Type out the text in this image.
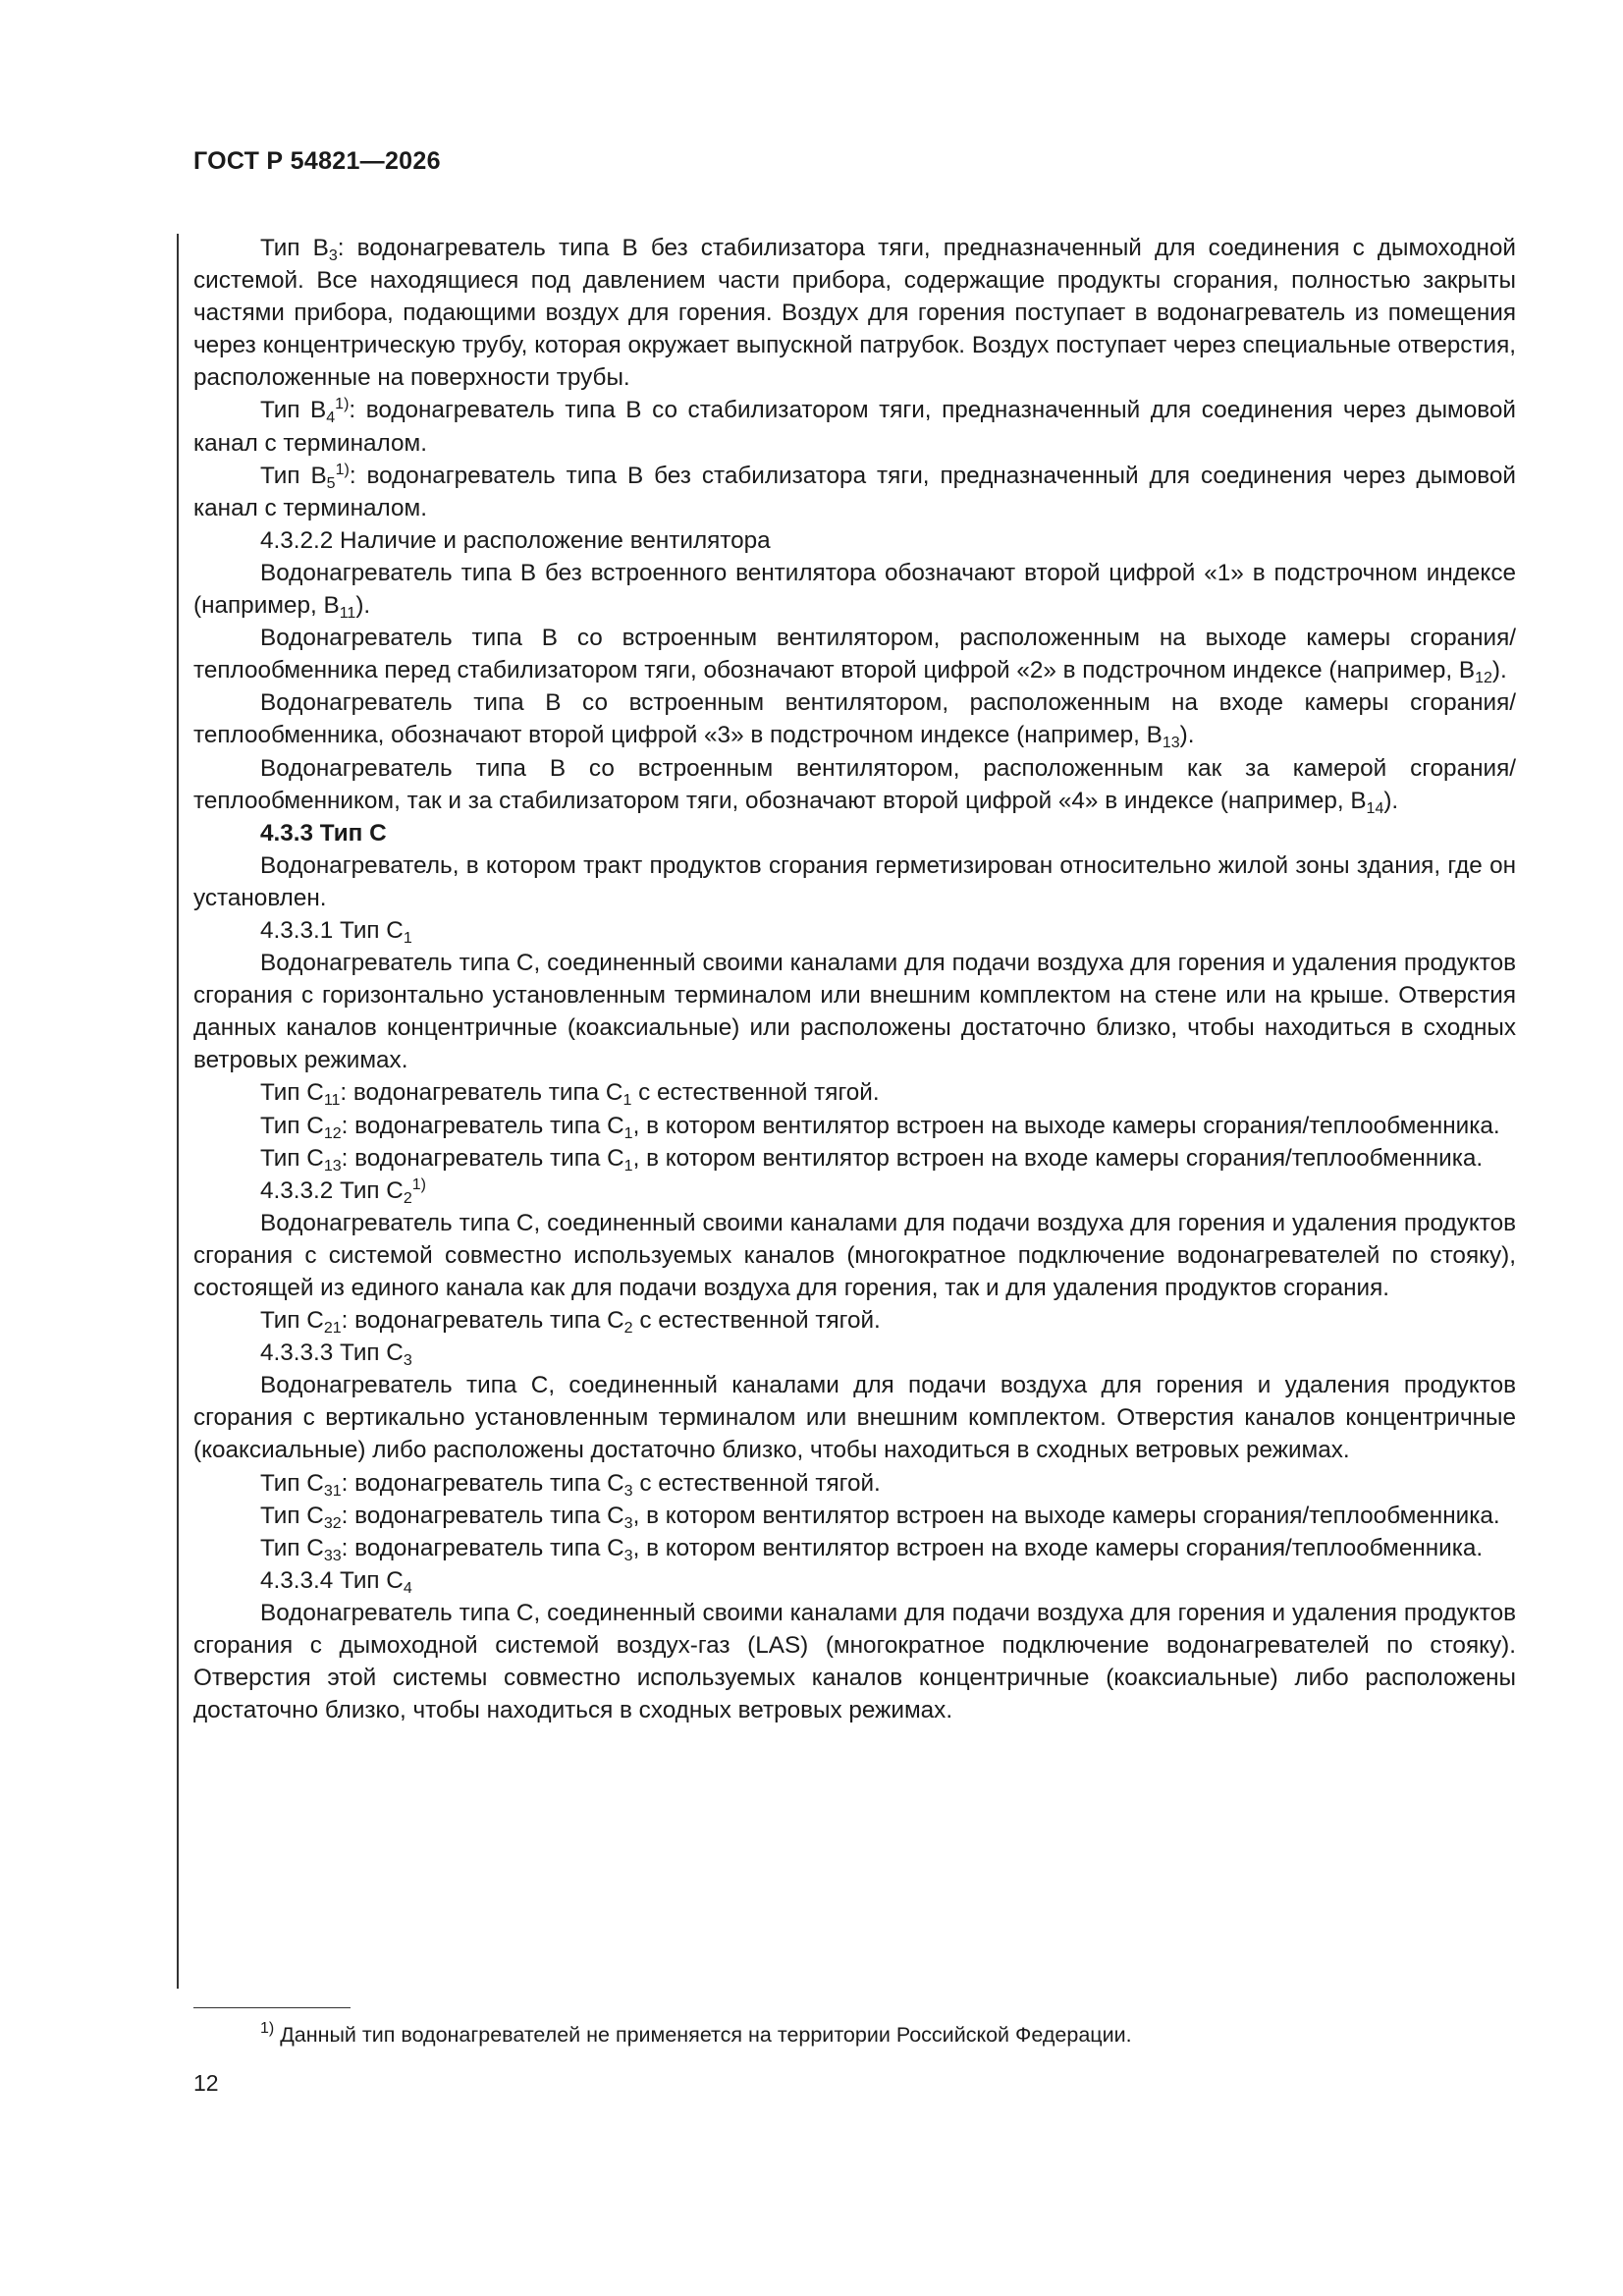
ГОСТ Р 54821—2026

Тип $В_3$: водонагреватель типа В без стабилизатора тяги, предназначенный для соединения с дымоходной системой. Все находящиеся под давлением части прибора, содержащие продукты сгорания, полностью закрыты частями прибора, подающими воздух для горения. Воздух для горения поступает в водонагреватель из помещения через концентрическую трубу, которая окружает выпускной патрубок. Воздух поступает через специальные отверстия, расположенные на поверхности трубы.

Тип $В_4^{1)}$: водонагреватель типа В со стабилизатором тяги, предназначенный для соединения через дымовой канал с терминалом.

Тип $В_5^{1)}$: водонагреватель типа В без стабилизатора тяги, предназначенный для соединения через дымовой канал с терминалом.

4.3.2.2 Наличие и расположение вентилятора

Водонагреватель типа В без встроенного вентилятора обозначают второй цифрой «1» в подстрочном индексе (например, $В_{11}$).

Водонагреватель типа В со встроенным вентилятором, расположенным на выходе камеры сгорания/теплообменника перед стабилизатором тяги, обозначают второй цифрой «2» в подстрочном индексе (например, $В_{12}$).

Водонагреватель типа В со встроенным вентилятором, расположенным на входе камеры сгорания/теплообменника, обозначают второй цифрой «3» в подстрочном индексе (например, $В_{13}$).

Водонагреватель типа В со встроенным вентилятором, расположенным как за камерой сгорания/теплообменником, так и за стабилизатором тяги, обозначают второй цифрой «4» в индексе (например, $В_{14}$).

4.3.3 Тип С

Водонагреватель, в котором тракт продуктов сгорания герметизирован относительно жилой зоны здания, где он установлен.

4.3.3.1 Тип $С_1$

Водонагреватель типа С, соединенный своими каналами для подачи воздуха для горения и удаления продуктов сгорания с горизонтально установленным терминалом или внешним комплектом на стене или на крыше. Отверстия данных каналов концентричные (коаксиальные) или расположены достаточно близко, чтобы находиться в сходных ветровых режимах.

Тип $С_{11}$: водонагреватель типа $С_1$ с естественной тягой.

Тип $С_{12}$: водонагреватель типа $С_1$, в котором вентилятор встроен на выходе камеры сгорания/теплообменника.

Тип $С_{13}$: водонагреватель типа $С_1$, в котором вентилятор встроен на входе камеры сгорания/теплообменника.

4.3.3.2 Тип $С_2^{1)}$

Водонагреватель типа С, соединенный своими каналами для подачи воздуха для горения и удаления продуктов сгорания с системой совместно используемых каналов (многократное подключение водонагревателей по стояку), состоящей из единого канала как для подачи воздуха для горения, так и для удаления продуктов сгорания.

Тип $С_{21}$: водонагреватель типа $С_2$ с естественной тягой.

4.3.3.3 Тип $С_3$

Водонагреватель типа С, соединенный каналами для подачи воздуха для горения и удаления продуктов сгорания с вертикально установленным терминалом или внешним комплектом. Отверстия каналов концентричные (коаксиальные) либо расположены достаточно близко, чтобы находиться в сходных ветровых режимах.

Тип $С_{31}$: водонагреватель типа $С_3$ с естественной тягой.

Тип $С_{32}$: водонагреватель типа $С_3$, в котором вентилятор встроен на выходе камеры сгорания/теплообменника.

Тип $С_{33}$: водонагреватель типа $С_3$, в котором вентилятор встроен на входе камеры сгорания/теплообменника.

4.3.3.4 Тип $С_4$

Водонагреватель типа С, соединенный своими каналами для подачи воздуха для горения и удаления продуктов сгорания с дымоходной системой воздух-газ (LAS) (многократное подключение водонагревателей по стояку). Отверстия этой системы совместно используемых каналов концентричные (коаксиальные) либо расположены достаточно близко, чтобы находиться в сходных ветровых режимах.

$^{1)}$ Данный тип водонагревателей не применяется на территории Российской Федерации.
12
